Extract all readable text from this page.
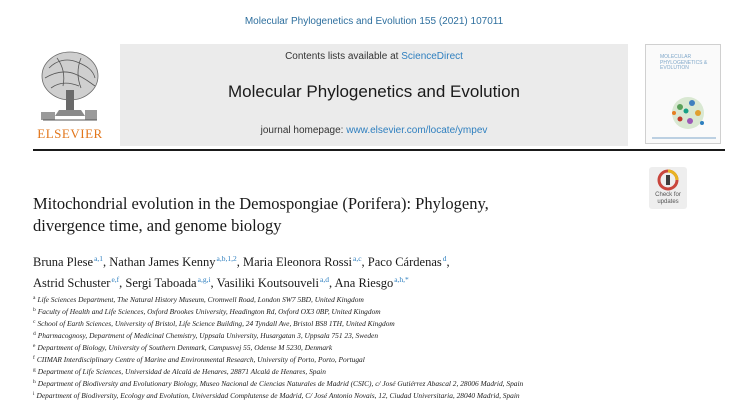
Molecular Phylogenetics and Evolution 155 (2021) 107011
ELSEVIER
Contents lists available at ScienceDirect
Molecular Phylogenetics and Evolution
journal homepage: www.elsevier.com/locate/ympev
MOLECULAR PHYLOGENETICS & EVOLUTION
Check for
updates
Mitochondrial evolution in the Demospongiae (Porifera): Phylogeny,
divergence time, and genome biology
Bruna Plese$^{a,1}$, Nathan James Kenny$^{a,b,1,2}$, Maria Eleonora Rossi$^{a,c}$, Paco Cárdenas$^d$,
Astrid Schuster$^{e,f}$, Sergi Taboada$^{a,g,i}$, Vasiliki Koutsouveli$^{a,d}$, Ana Riesgo$^{a,h,*}$
$^a$ Life Sciences Department, The Natural History Museum, Cromwell Road, London SW7 5BD, United Kingdom
$^b$ Faculty of Health and Life Sciences, Oxford Brookes University, Headington Rd, Oxford OX3 0BP, United Kingdom
$^c$ School of Earth Sciences, University of Bristol, Life Science Building, 24 Tyndall Ave, Bristol BS8 1TH, United Kingdom
$^d$ Pharmacognosy, Department of Medicinal Chemistry, Uppsala University, Husargatan 3, Uppsala 751 23, Sweden
$^e$ Department of Biology, University of Southern Denmark, Campusvej 55, Odense M 5230, Denmark
$^f$ CIIMAR Interdisciplinary Centre of Marine and Environmental Research, University of Porto, Porto, Portugal
$^g$ Department of Life Sciences, Universidad de Alcalá de Henares, 28871 Alcalá de Henares, Spain
$^h$ Department of Biodiversity and Evolutionary Biology, Museo Nacional de Ciencias Naturales de Madrid (CSIC), c/ José Gutiérrez Abascal 2, 28006 Madrid, Spain
$^i$ Department of Biodiversity, Ecology and Evolution, Universidad Complutense de Madrid, C/ José Antonio Novais, 12, Ciudad Universitaria, 28040 Madrid, Spain
